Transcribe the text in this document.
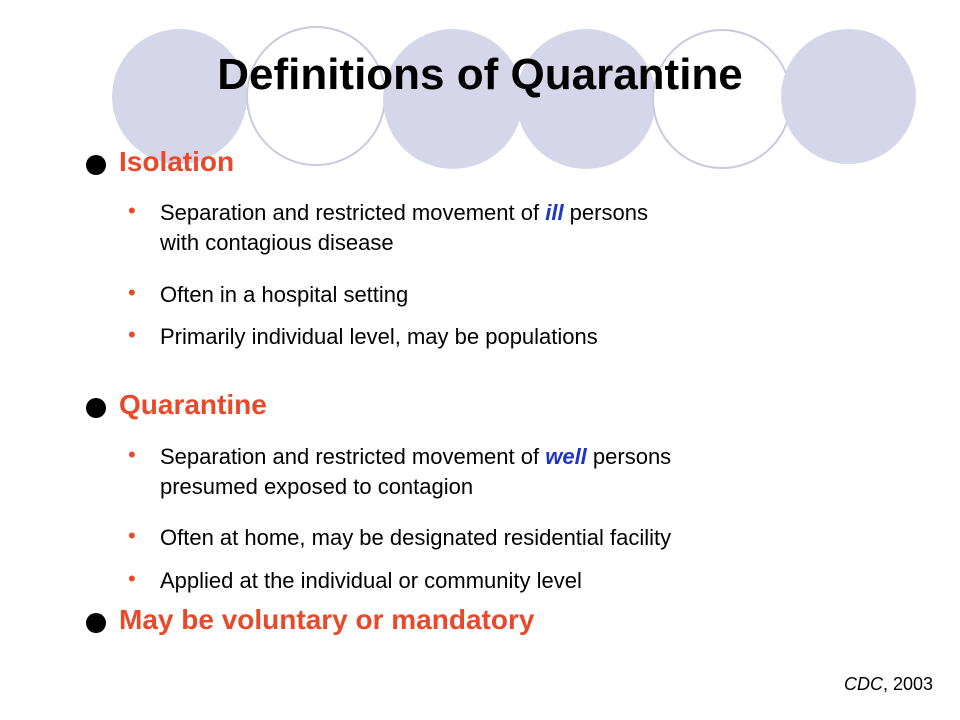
Definitions of Quarantine
Isolation
• Separation and restricted movement of ill persons
with contagious disease

• Often in a hospital setting

• Primarily individual level, may be populations

Quarantine
• Separation and restricted movement of well persons
presumed exposed to contagion

• Often at home, may be designated residential facility

• Applied at the individual or community level

May be voluntary or mandatory
CDC, 2003
